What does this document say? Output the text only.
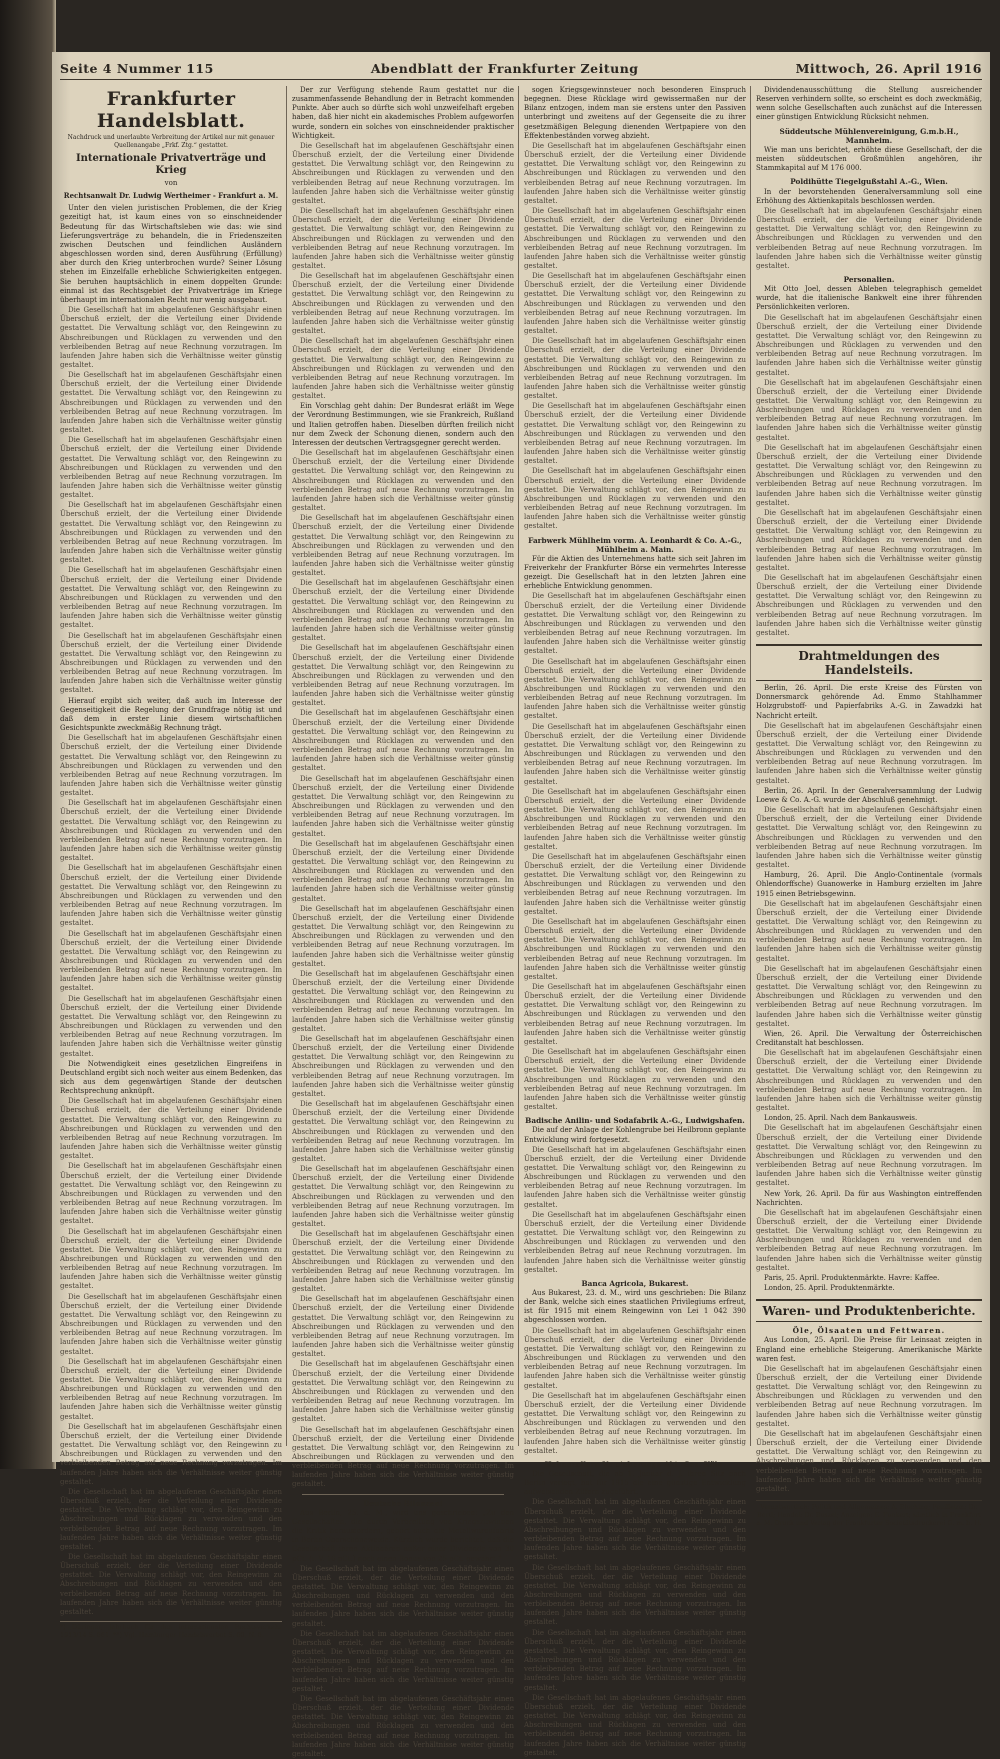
Seite 4 Nummer 115	Abendblatt der Frankfurter Zeitung	Mittwoch, 26. April 1916
Frankfurter Handelsblatt.
Nachdruck und unerlaubte Verbreitung der Artikel nur mit genauer Quellenangabe „Frkf. Ztg.“ gestattet.
Internationale Privatverträge und Krieg
von
Rechtsanwalt Dr. Ludwig Wertheimer - Frankfurt a. M.

Unter den vielen juristischen Problemen, die der Krieg gezeitigt hat, ist kaum eines von so einschneidender Bedeutung für das Wirtschaftsleben wie das: wie sind Lieferungsverträge zu behandeln, die in Friedenszeiten zwischen Deutschen und feindlichen Ausländern abgeschlossen worden sind, deren Ausführung (Erfüllung) aber durch den Krieg unterbrochen wurde? Seiner Lösung stehen im Einzelfalle erhebliche Schwierigkeiten entgegen. Sie beruhen hauptsächlich in einem doppelten Grunde: einmal ist das Rechtsgebiet der Privatverträge im Kriege überhaupt im internationalen Recht nur wenig ausgebaut.

Die Gesellschaft hat im abgelaufenen Geschäftsjahr einen Überschuß erzielt, der die Verteilung einer Dividende gestattet. Die Verwaltung schlägt vor, den Reingewinn zu Abschreibungen und Rücklagen zu verwenden und den verbleibenden Betrag auf neue Rechnung vorzutragen. Im laufenden Jahre haben sich die Verhältnisse weiter günstig gestaltet.

Die Gesellschaft hat im abgelaufenen Geschäftsjahr einen Überschuß erzielt, der die Verteilung einer Dividende gestattet. Die Verwaltung schlägt vor, den Reingewinn zu Abschreibungen und Rücklagen zu verwenden und den verbleibenden Betrag auf neue Rechnung vorzutragen. Im laufenden Jahre haben sich die Verhältnisse weiter günstig gestaltet.

Die Gesellschaft hat im abgelaufenen Geschäftsjahr einen Überschuß erzielt, der die Verteilung einer Dividende gestattet. Die Verwaltung schlägt vor, den Reingewinn zu Abschreibungen und Rücklagen zu verwenden und den verbleibenden Betrag auf neue Rechnung vorzutragen. Im laufenden Jahre haben sich die Verhältnisse weiter günstig gestaltet.

Die Gesellschaft hat im abgelaufenen Geschäftsjahr einen Überschuß erzielt, der die Verteilung einer Dividende gestattet. Die Verwaltung schlägt vor, den Reingewinn zu Abschreibungen und Rücklagen zu verwenden und den verbleibenden Betrag auf neue Rechnung vorzutragen. Im laufenden Jahre haben sich die Verhältnisse weiter günstig gestaltet.

Die Gesellschaft hat im abgelaufenen Geschäftsjahr einen Überschuß erzielt, der die Verteilung einer Dividende gestattet. Die Verwaltung schlägt vor, den Reingewinn zu Abschreibungen und Rücklagen zu verwenden und den verbleibenden Betrag auf neue Rechnung vorzutragen. Im laufenden Jahre haben sich die Verhältnisse weiter günstig gestaltet.

Die Gesellschaft hat im abgelaufenen Geschäftsjahr einen Überschuß erzielt, der die Verteilung einer Dividende gestattet. Die Verwaltung schlägt vor, den Reingewinn zu Abschreibungen und Rücklagen zu verwenden und den verbleibenden Betrag auf neue Rechnung vorzutragen. Im laufenden Jahre haben sich die Verhältnisse weiter günstig gestaltet.

Hierauf ergibt sich weiter, daß auch im Interesse der Gegenseitigkeit die Regelung der Grundfrage nötig ist und daß dem in erster Linie diesem wirtschaftlichen Gesichtspunkte zweckmäßig Rechnung trägt.

Die Gesellschaft hat im abgelaufenen Geschäftsjahr einen Überschuß erzielt, der die Verteilung einer Dividende gestattet. Die Verwaltung schlägt vor, den Reingewinn zu Abschreibungen und Rücklagen zu verwenden und den verbleibenden Betrag auf neue Rechnung vorzutragen. Im laufenden Jahre haben sich die Verhältnisse weiter günstig gestaltet.

Die Gesellschaft hat im abgelaufenen Geschäftsjahr einen Überschuß erzielt, der die Verteilung einer Dividende gestattet. Die Verwaltung schlägt vor, den Reingewinn zu Abschreibungen und Rücklagen zu verwenden und den verbleibenden Betrag auf neue Rechnung vorzutragen. Im laufenden Jahre haben sich die Verhältnisse weiter günstig gestaltet.

Die Gesellschaft hat im abgelaufenen Geschäftsjahr einen Überschuß erzielt, der die Verteilung einer Dividende gestattet. Die Verwaltung schlägt vor, den Reingewinn zu Abschreibungen und Rücklagen zu verwenden und den verbleibenden Betrag auf neue Rechnung vorzutragen. Im laufenden Jahre haben sich die Verhältnisse weiter günstig gestaltet.

Die Gesellschaft hat im abgelaufenen Geschäftsjahr einen Überschuß erzielt, der die Verteilung einer Dividende gestattet. Die Verwaltung schlägt vor, den Reingewinn zu Abschreibungen und Rücklagen zu verwenden und den verbleibenden Betrag auf neue Rechnung vorzutragen. Im laufenden Jahre haben sich die Verhältnisse weiter günstig gestaltet.

Die Gesellschaft hat im abgelaufenen Geschäftsjahr einen Überschuß erzielt, der die Verteilung einer Dividende gestattet. Die Verwaltung schlägt vor, den Reingewinn zu Abschreibungen und Rücklagen zu verwenden und den verbleibenden Betrag auf neue Rechnung vorzutragen. Im laufenden Jahre haben sich die Verhältnisse weiter günstig gestaltet.

Die Notwendigkeit eines gesetzlichen Eingreifens in Deutschland ergibt sich noch weiter aus einem Bedenken, das sich aus dem gegenwärtigen Stande der deutschen Rechtsprechung anknüpft.

Die Gesellschaft hat im abgelaufenen Geschäftsjahr einen Überschuß erzielt, der die Verteilung einer Dividende gestattet. Die Verwaltung schlägt vor, den Reingewinn zu Abschreibungen und Rücklagen zu verwenden und den verbleibenden Betrag auf neue Rechnung vorzutragen. Im laufenden Jahre haben sich die Verhältnisse weiter günstig gestaltet.

Die Gesellschaft hat im abgelaufenen Geschäftsjahr einen Überschuß erzielt, der die Verteilung einer Dividende gestattet. Die Verwaltung schlägt vor, den Reingewinn zu Abschreibungen und Rücklagen zu verwenden und den verbleibenden Betrag auf neue Rechnung vorzutragen. Im laufenden Jahre haben sich die Verhältnisse weiter günstig gestaltet.

Die Gesellschaft hat im abgelaufenen Geschäftsjahr einen Überschuß erzielt, der die Verteilung einer Dividende gestattet. Die Verwaltung schlägt vor, den Reingewinn zu Abschreibungen und Rücklagen zu verwenden und den verbleibenden Betrag auf neue Rechnung vorzutragen. Im laufenden Jahre haben sich die Verhältnisse weiter günstig gestaltet.

Die Gesellschaft hat im abgelaufenen Geschäftsjahr einen Überschuß erzielt, der die Verteilung einer Dividende gestattet. Die Verwaltung schlägt vor, den Reingewinn zu Abschreibungen und Rücklagen zu verwenden und den verbleibenden Betrag auf neue Rechnung vorzutragen. Im laufenden Jahre haben sich die Verhältnisse weiter günstig gestaltet.

Die Gesellschaft hat im abgelaufenen Geschäftsjahr einen Überschuß erzielt, der die Verteilung einer Dividende gestattet. Die Verwaltung schlägt vor, den Reingewinn zu Abschreibungen und Rücklagen zu verwenden und den verbleibenden Betrag auf neue Rechnung vorzutragen. Im laufenden Jahre haben sich die Verhältnisse weiter günstig gestaltet.

Die Gesellschaft hat im abgelaufenen Geschäftsjahr einen Überschuß erzielt, der die Verteilung einer Dividende gestattet. Die Verwaltung schlägt vor, den Reingewinn zu Abschreibungen und Rücklagen zu verwenden und den verbleibenden Betrag auf neue Rechnung vorzutragen. Im laufenden Jahre haben sich die Verhältnisse weiter günstig gestaltet.

Die Gesellschaft hat im abgelaufenen Geschäftsjahr einen Überschuß erzielt, der die Verteilung einer Dividende gestattet. Die Verwaltung schlägt vor, den Reingewinn zu Abschreibungen und Rücklagen zu verwenden und den verbleibenden Betrag auf neue Rechnung vorzutragen. Im laufenden Jahre haben sich die Verhältnisse weiter günstig gestaltet.

Die Gesellschaft hat im abgelaufenen Geschäftsjahr einen Überschuß erzielt, der die Verteilung einer Dividende gestattet. Die Verwaltung schlägt vor, den Reingewinn zu Abschreibungen und Rücklagen zu verwenden und den verbleibenden Betrag auf neue Rechnung vorzutragen. Im laufenden Jahre haben sich die Verhältnisse weiter günstig gestaltet.

*) Düringer, Jahrbuch für den internationalen Rechtsverkehr 1913/14 S. 661. **) Vgl. Hamburger Handelsverbot S. 60, N. 6.

Der zur Verfügung stehende Raum gestattet nur die zusammenfassende Behandlung der in Betracht kommenden Punkte. Aber auch so dürfte sich wohl unzweifelhaft ergeben haben, daß hier nicht ein akademisches Problem aufgeworfen wurde, sondern ein solches von einschneidender praktischer Wichtigkeit.

Die Gesellschaft hat im abgelaufenen Geschäftsjahr einen Überschuß erzielt, der die Verteilung einer Dividende gestattet. Die Verwaltung schlägt vor, den Reingewinn zu Abschreibungen und Rücklagen zu verwenden und den verbleibenden Betrag auf neue Rechnung vorzutragen. Im laufenden Jahre haben sich die Verhältnisse weiter günstig gestaltet.

Die Gesellschaft hat im abgelaufenen Geschäftsjahr einen Überschuß erzielt, der die Verteilung einer Dividende gestattet. Die Verwaltung schlägt vor, den Reingewinn zu Abschreibungen und Rücklagen zu verwenden und den verbleibenden Betrag auf neue Rechnung vorzutragen. Im laufenden Jahre haben sich die Verhältnisse weiter günstig gestaltet.

Die Gesellschaft hat im abgelaufenen Geschäftsjahr einen Überschuß erzielt, der die Verteilung einer Dividende gestattet. Die Verwaltung schlägt vor, den Reingewinn zu Abschreibungen und Rücklagen zu verwenden und den verbleibenden Betrag auf neue Rechnung vorzutragen. Im laufenden Jahre haben sich die Verhältnisse weiter günstig gestaltet.

Die Gesellschaft hat im abgelaufenen Geschäftsjahr einen Überschuß erzielt, der die Verteilung einer Dividende gestattet. Die Verwaltung schlägt vor, den Reingewinn zu Abschreibungen und Rücklagen zu verwenden und den verbleibenden Betrag auf neue Rechnung vorzutragen. Im laufenden Jahre haben sich die Verhältnisse weiter günstig gestaltet.

Ein Vorschlag geht dahin: Der Bundesrat erläßt im Wege der Verordnung Bestimmungen, wie sie Frankreich, Rußland und Italien getroffen haben. Dieselben dürften freilich nicht nur dem Zweck der Schonung dienen, sondern auch den Interessen der deutschen Vertragsgegner gerecht werden.

Die Gesellschaft hat im abgelaufenen Geschäftsjahr einen Überschuß erzielt, der die Verteilung einer Dividende gestattet. Die Verwaltung schlägt vor, den Reingewinn zu Abschreibungen und Rücklagen zu verwenden und den verbleibenden Betrag auf neue Rechnung vorzutragen. Im laufenden Jahre haben sich die Verhältnisse weiter günstig gestaltet.

Die Gesellschaft hat im abgelaufenen Geschäftsjahr einen Überschuß erzielt, der die Verteilung einer Dividende gestattet. Die Verwaltung schlägt vor, den Reingewinn zu Abschreibungen und Rücklagen zu verwenden und den verbleibenden Betrag auf neue Rechnung vorzutragen. Im laufenden Jahre haben sich die Verhältnisse weiter günstig gestaltet.

Die Gesellschaft hat im abgelaufenen Geschäftsjahr einen Überschuß erzielt, der die Verteilung einer Dividende gestattet. Die Verwaltung schlägt vor, den Reingewinn zu Abschreibungen und Rücklagen zu verwenden und den verbleibenden Betrag auf neue Rechnung vorzutragen. Im laufenden Jahre haben sich die Verhältnisse weiter günstig gestaltet.

Die Gesellschaft hat im abgelaufenen Geschäftsjahr einen Überschuß erzielt, der die Verteilung einer Dividende gestattet. Die Verwaltung schlägt vor, den Reingewinn zu Abschreibungen und Rücklagen zu verwenden und den verbleibenden Betrag auf neue Rechnung vorzutragen. Im laufenden Jahre haben sich die Verhältnisse weiter günstig gestaltet.

Die Gesellschaft hat im abgelaufenen Geschäftsjahr einen Überschuß erzielt, der die Verteilung einer Dividende gestattet. Die Verwaltung schlägt vor, den Reingewinn zu Abschreibungen und Rücklagen zu verwenden und den verbleibenden Betrag auf neue Rechnung vorzutragen. Im laufenden Jahre haben sich die Verhältnisse weiter günstig gestaltet.

Die Gesellschaft hat im abgelaufenen Geschäftsjahr einen Überschuß erzielt, der die Verteilung einer Dividende gestattet. Die Verwaltung schlägt vor, den Reingewinn zu Abschreibungen und Rücklagen zu verwenden und den verbleibenden Betrag auf neue Rechnung vorzutragen. Im laufenden Jahre haben sich die Verhältnisse weiter günstig gestaltet.

Die Gesellschaft hat im abgelaufenen Geschäftsjahr einen Überschuß erzielt, der die Verteilung einer Dividende gestattet. Die Verwaltung schlägt vor, den Reingewinn zu Abschreibungen und Rücklagen zu verwenden und den verbleibenden Betrag auf neue Rechnung vorzutragen. Im laufenden Jahre haben sich die Verhältnisse weiter günstig gestaltet.

Die Gesellschaft hat im abgelaufenen Geschäftsjahr einen Überschuß erzielt, der die Verteilung einer Dividende gestattet. Die Verwaltung schlägt vor, den Reingewinn zu Abschreibungen und Rücklagen zu verwenden und den verbleibenden Betrag auf neue Rechnung vorzutragen. Im laufenden Jahre haben sich die Verhältnisse weiter günstig gestaltet.

Die Gesellschaft hat im abgelaufenen Geschäftsjahr einen Überschuß erzielt, der die Verteilung einer Dividende gestattet. Die Verwaltung schlägt vor, den Reingewinn zu Abschreibungen und Rücklagen zu verwenden und den verbleibenden Betrag auf neue Rechnung vorzutragen. Im laufenden Jahre haben sich die Verhältnisse weiter günstig gestaltet.

Die Gesellschaft hat im abgelaufenen Geschäftsjahr einen Überschuß erzielt, der die Verteilung einer Dividende gestattet. Die Verwaltung schlägt vor, den Reingewinn zu Abschreibungen und Rücklagen zu verwenden und den verbleibenden Betrag auf neue Rechnung vorzutragen. Im laufenden Jahre haben sich die Verhältnisse weiter günstig gestaltet.

Die Gesellschaft hat im abgelaufenen Geschäftsjahr einen Überschuß erzielt, der die Verteilung einer Dividende gestattet. Die Verwaltung schlägt vor, den Reingewinn zu Abschreibungen und Rücklagen zu verwenden und den verbleibenden Betrag auf neue Rechnung vorzutragen. Im laufenden Jahre haben sich die Verhältnisse weiter günstig gestaltet.

Die Gesellschaft hat im abgelaufenen Geschäftsjahr einen Überschuß erzielt, der die Verteilung einer Dividende gestattet. Die Verwaltung schlägt vor, den Reingewinn zu Abschreibungen und Rücklagen zu verwenden und den verbleibenden Betrag auf neue Rechnung vorzutragen. Im laufenden Jahre haben sich die Verhältnisse weiter günstig gestaltet.

Die Gesellschaft hat im abgelaufenen Geschäftsjahr einen Überschuß erzielt, der die Verteilung einer Dividende gestattet. Die Verwaltung schlägt vor, den Reingewinn zu Abschreibungen und Rücklagen zu verwenden und den verbleibenden Betrag auf neue Rechnung vorzutragen. Im laufenden Jahre haben sich die Verhältnisse weiter günstig gestaltet.

Die Gesellschaft hat im abgelaufenen Geschäftsjahr einen Überschuß erzielt, der die Verteilung einer Dividende gestattet. Die Verwaltung schlägt vor, den Reingewinn zu Abschreibungen und Rücklagen zu verwenden und den verbleibenden Betrag auf neue Rechnung vorzutragen. Im laufenden Jahre haben sich die Verhältnisse weiter günstig gestaltet.

Die Gesellschaft hat im abgelaufenen Geschäftsjahr einen Überschuß erzielt, der die Verteilung einer Dividende gestattet. Die Verwaltung schlägt vor, den Reingewinn zu Abschreibungen und Rücklagen zu verwenden und den verbleibenden Betrag auf neue Rechnung vorzutragen. Im laufenden Jahre haben sich die Verhältnisse weiter günstig gestaltet.

Die Gesellschaft hat im abgelaufenen Geschäftsjahr einen Überschuß erzielt, der die Verteilung einer Dividende gestattet. Die Verwaltung schlägt vor, den Reingewinn zu Abschreibungen und Rücklagen zu verwenden und den verbleibenden Betrag auf neue Rechnung vorzutragen. Im laufenden Jahre haben sich die Verhältnisse weiter günstig gestaltet.

Deutsche Bilanzen!

Aus Berlin, 25. d. M., wird uns geschrieben: „Zu den Gesellschaften, die durch Verbreitung von Kriegszuwinnen die Kritik herausfordern, gehört auch die Metallwarenfabrik in Berlin-Oberschöneweide. Kürzlich wurde berichtet, daß die Gesellschaft ihren Aktionären außer einer Dividende von 30 pCt. (i. V. 16 pCt.) noch einen Bonus von 25 pCt. gewährt.“

Die Gesellschaft hat im abgelaufenen Geschäftsjahr einen Überschuß erzielt, der die Verteilung einer Dividende gestattet. Die Verwaltung schlägt vor, den Reingewinn zu Abschreibungen und Rücklagen zu verwenden und den verbleibenden Betrag auf neue Rechnung vorzutragen. Im laufenden Jahre haben sich die Verhältnisse weiter günstig gestaltet.

Die Gesellschaft hat im abgelaufenen Geschäftsjahr einen Überschuß erzielt, der die Verteilung einer Dividende gestattet. Die Verwaltung schlägt vor, den Reingewinn zu Abschreibungen und Rücklagen zu verwenden und den verbleibenden Betrag auf neue Rechnung vorzutragen. Im laufenden Jahre haben sich die Verhältnisse weiter günstig gestaltet.

Die Gesellschaft hat im abgelaufenen Geschäftsjahr einen Überschuß erzielt, der die Verteilung einer Dividende gestattet. Die Verwaltung schlägt vor, den Reingewinn zu Abschreibungen und Rücklagen zu verwenden und den verbleibenden Betrag auf neue Rechnung vorzutragen. Im laufenden Jahre haben sich die Verhältnisse weiter günstig gestaltet.

sogen Kriegsgewinnsteuer noch besonderen Einspruch begegnen. Diese Rücklage wird gewissermaßen nur der Bilanz entzogen, indem man sie erstens unter den Passiven unterbringt und zweitens auf der Gegenseite die zu ihrer gesetzmäßigen Belegung dienenden Wertpapiere von den Effektenbeständen vorweg abzieht.

Die Gesellschaft hat im abgelaufenen Geschäftsjahr einen Überschuß erzielt, der die Verteilung einer Dividende gestattet. Die Verwaltung schlägt vor, den Reingewinn zu Abschreibungen und Rücklagen zu verwenden und den verbleibenden Betrag auf neue Rechnung vorzutragen. Im laufenden Jahre haben sich die Verhältnisse weiter günstig gestaltet.

Die Gesellschaft hat im abgelaufenen Geschäftsjahr einen Überschuß erzielt, der die Verteilung einer Dividende gestattet. Die Verwaltung schlägt vor, den Reingewinn zu Abschreibungen und Rücklagen zu verwenden und den verbleibenden Betrag auf neue Rechnung vorzutragen. Im laufenden Jahre haben sich die Verhältnisse weiter günstig gestaltet.

Die Gesellschaft hat im abgelaufenen Geschäftsjahr einen Überschuß erzielt, der die Verteilung einer Dividende gestattet. Die Verwaltung schlägt vor, den Reingewinn zu Abschreibungen und Rücklagen zu verwenden und den verbleibenden Betrag auf neue Rechnung vorzutragen. Im laufenden Jahre haben sich die Verhältnisse weiter günstig gestaltet.

Die Gesellschaft hat im abgelaufenen Geschäftsjahr einen Überschuß erzielt, der die Verteilung einer Dividende gestattet. Die Verwaltung schlägt vor, den Reingewinn zu Abschreibungen und Rücklagen zu verwenden und den verbleibenden Betrag auf neue Rechnung vorzutragen. Im laufenden Jahre haben sich die Verhältnisse weiter günstig gestaltet.

Die Gesellschaft hat im abgelaufenen Geschäftsjahr einen Überschuß erzielt, der die Verteilung einer Dividende gestattet. Die Verwaltung schlägt vor, den Reingewinn zu Abschreibungen und Rücklagen zu verwenden und den verbleibenden Betrag auf neue Rechnung vorzutragen. Im laufenden Jahre haben sich die Verhältnisse weiter günstig gestaltet.

Die Gesellschaft hat im abgelaufenen Geschäftsjahr einen Überschuß erzielt, der die Verteilung einer Dividende gestattet. Die Verwaltung schlägt vor, den Reingewinn zu Abschreibungen und Rücklagen zu verwenden und den verbleibenden Betrag auf neue Rechnung vorzutragen. Im laufenden Jahre haben sich die Verhältnisse weiter günstig gestaltet.

Farbwerk Mühlheim vorm. A. Leonhardt & Co. A.-G., Mühlheim a. Main.

Für die Aktien des Unternehmens hatte sich seit Jahren im Freiverkehr der Frankfurter Börse ein vermehrtes Interesse gezeigt. Die Gesellschaft hat in den letzten Jahren eine erhebliche Entwicklung genommen.

Die Gesellschaft hat im abgelaufenen Geschäftsjahr einen Überschuß erzielt, der die Verteilung einer Dividende gestattet. Die Verwaltung schlägt vor, den Reingewinn zu Abschreibungen und Rücklagen zu verwenden und den verbleibenden Betrag auf neue Rechnung vorzutragen. Im laufenden Jahre haben sich die Verhältnisse weiter günstig gestaltet.

Die Gesellschaft hat im abgelaufenen Geschäftsjahr einen Überschuß erzielt, der die Verteilung einer Dividende gestattet. Die Verwaltung schlägt vor, den Reingewinn zu Abschreibungen und Rücklagen zu verwenden und den verbleibenden Betrag auf neue Rechnung vorzutragen. Im laufenden Jahre haben sich die Verhältnisse weiter günstig gestaltet.

Die Gesellschaft hat im abgelaufenen Geschäftsjahr einen Überschuß erzielt, der die Verteilung einer Dividende gestattet. Die Verwaltung schlägt vor, den Reingewinn zu Abschreibungen und Rücklagen zu verwenden und den verbleibenden Betrag auf neue Rechnung vorzutragen. Im laufenden Jahre haben sich die Verhältnisse weiter günstig gestaltet.

Die Gesellschaft hat im abgelaufenen Geschäftsjahr einen Überschuß erzielt, der die Verteilung einer Dividende gestattet. Die Verwaltung schlägt vor, den Reingewinn zu Abschreibungen und Rücklagen zu verwenden und den verbleibenden Betrag auf neue Rechnung vorzutragen. Im laufenden Jahre haben sich die Verhältnisse weiter günstig gestaltet.

Die Gesellschaft hat im abgelaufenen Geschäftsjahr einen Überschuß erzielt, der die Verteilung einer Dividende gestattet. Die Verwaltung schlägt vor, den Reingewinn zu Abschreibungen und Rücklagen zu verwenden und den verbleibenden Betrag auf neue Rechnung vorzutragen. Im laufenden Jahre haben sich die Verhältnisse weiter günstig gestaltet.

Die Gesellschaft hat im abgelaufenen Geschäftsjahr einen Überschuß erzielt, der die Verteilung einer Dividende gestattet. Die Verwaltung schlägt vor, den Reingewinn zu Abschreibungen und Rücklagen zu verwenden und den verbleibenden Betrag auf neue Rechnung vorzutragen. Im laufenden Jahre haben sich die Verhältnisse weiter günstig gestaltet.

Die Gesellschaft hat im abgelaufenen Geschäftsjahr einen Überschuß erzielt, der die Verteilung einer Dividende gestattet. Die Verwaltung schlägt vor, den Reingewinn zu Abschreibungen und Rücklagen zu verwenden und den verbleibenden Betrag auf neue Rechnung vorzutragen. Im laufenden Jahre haben sich die Verhältnisse weiter günstig gestaltet.

Die Gesellschaft hat im abgelaufenen Geschäftsjahr einen Überschuß erzielt, der die Verteilung einer Dividende gestattet. Die Verwaltung schlägt vor, den Reingewinn zu Abschreibungen und Rücklagen zu verwenden und den verbleibenden Betrag auf neue Rechnung vorzutragen. Im laufenden Jahre haben sich die Verhältnisse weiter günstig gestaltet.

Badische Anilin- und Sodafabrik A.-G., Ludwigshafen.

Die auf der Anlage der Kohlengrube bei Heilbronn geplante Entwicklung wird fortgesetzt.

Die Gesellschaft hat im abgelaufenen Geschäftsjahr einen Überschuß erzielt, der die Verteilung einer Dividende gestattet. Die Verwaltung schlägt vor, den Reingewinn zu Abschreibungen und Rücklagen zu verwenden und den verbleibenden Betrag auf neue Rechnung vorzutragen. Im laufenden Jahre haben sich die Verhältnisse weiter günstig gestaltet.

Die Gesellschaft hat im abgelaufenen Geschäftsjahr einen Überschuß erzielt, der die Verteilung einer Dividende gestattet. Die Verwaltung schlägt vor, den Reingewinn zu Abschreibungen und Rücklagen zu verwenden und den verbleibenden Betrag auf neue Rechnung vorzutragen. Im laufenden Jahre haben sich die Verhältnisse weiter günstig gestaltet.

Banca Agricola, Bukarest.

Aus Bukarest, 23. d. M., wird uns geschrieben: Die Bilanz der Bank, welche sich eines staatlichen Privilegiums erfreut, ist für 1915 mit einem Reingewinn von Lei 1 042 390 abgeschlossen worden.

Die Gesellschaft hat im abgelaufenen Geschäftsjahr einen Überschuß erzielt, der die Verteilung einer Dividende gestattet. Die Verwaltung schlägt vor, den Reingewinn zu Abschreibungen und Rücklagen zu verwenden und den verbleibenden Betrag auf neue Rechnung vorzutragen. Im laufenden Jahre haben sich die Verhältnisse weiter günstig gestaltet.

Die Gesellschaft hat im abgelaufenen Geschäftsjahr einen Überschuß erzielt, der die Verteilung einer Dividende gestattet. Die Verwaltung schlägt vor, den Reingewinn zu Abschreibungen und Rücklagen zu verwenden und den verbleibenden Betrag auf neue Rechnung vorzutragen. Im laufenden Jahre haben sich die Verhältnisse weiter günstig gestaltet.

Hohenzollern Versicherungs-Akt.-Ges. Köln.

Die Gesellschaft, die ab 1. Januar d. J. ihren Sitz nach Berlin verlegt, hat für 1915 die eine günstige Entwicklung aufweisenden Ziffern zugeführt.

Die Gesellschaft hat im abgelaufenen Geschäftsjahr einen Überschuß erzielt, der die Verteilung einer Dividende gestattet. Die Verwaltung schlägt vor, den Reingewinn zu Abschreibungen und Rücklagen zu verwenden und den verbleibenden Betrag auf neue Rechnung vorzutragen. Im laufenden Jahre haben sich die Verhältnisse weiter günstig gestaltet.

Die Gesellschaft hat im abgelaufenen Geschäftsjahr einen Überschuß erzielt, der die Verteilung einer Dividende gestattet. Die Verwaltung schlägt vor, den Reingewinn zu Abschreibungen und Rücklagen zu verwenden und den verbleibenden Betrag auf neue Rechnung vorzutragen. Im laufenden Jahre haben sich die Verhältnisse weiter günstig gestaltet.

Die Gesellschaft hat im abgelaufenen Geschäftsjahr einen Überschuß erzielt, der die Verteilung einer Dividende gestattet. Die Verwaltung schlägt vor, den Reingewinn zu Abschreibungen und Rücklagen zu verwenden und den verbleibenden Betrag auf neue Rechnung vorzutragen. Im laufenden Jahre haben sich die Verhältnisse weiter günstig gestaltet.

Die Gesellschaft hat im abgelaufenen Geschäftsjahr einen Überschuß erzielt, der die Verteilung einer Dividende gestattet. Die Verwaltung schlägt vor, den Reingewinn zu Abschreibungen und Rücklagen zu verwenden und den verbleibenden Betrag auf neue Rechnung vorzutragen. Im laufenden Jahre haben sich die Verhältnisse weiter günstig gestaltet.

Dividendenausschüttung die Stellung ausreichender Reserven verhindern sollte, so erscheint es doch zweckmäßig, wenn solche Gesellschaften auch zunächst auf die Interessen einer günstigen Entwicklung Rücksicht nehmen.

Süddeutsche Mühlenvereinigung, G.m.b.H., Mannheim.

Wie man uns berichtet, erhöhte diese Gesellschaft, der die meisten süddeutschen Großmühlen angehören, ihr Stammkapital auf M 176 000.

Poldihütte Tiegelgußstahl A.-G., Wien.

In der bevorstehenden Generalversammlung soll eine Erhöhung des Aktienkapitals beschlossen werden.

Die Gesellschaft hat im abgelaufenen Geschäftsjahr einen Überschuß erzielt, der die Verteilung einer Dividende gestattet. Die Verwaltung schlägt vor, den Reingewinn zu Abschreibungen und Rücklagen zu verwenden und den verbleibenden Betrag auf neue Rechnung vorzutragen. Im laufenden Jahre haben sich die Verhältnisse weiter günstig gestaltet.

Personalien.

Mit Otto Joel, dessen Ableben telegraphisch gemeldet wurde, hat die italienische Bankwelt eine ihrer führenden Persönlichkeiten verloren.

Die Gesellschaft hat im abgelaufenen Geschäftsjahr einen Überschuß erzielt, der die Verteilung einer Dividende gestattet. Die Verwaltung schlägt vor, den Reingewinn zu Abschreibungen und Rücklagen zu verwenden und den verbleibenden Betrag auf neue Rechnung vorzutragen. Im laufenden Jahre haben sich die Verhältnisse weiter günstig gestaltet.

Die Gesellschaft hat im abgelaufenen Geschäftsjahr einen Überschuß erzielt, der die Verteilung einer Dividende gestattet. Die Verwaltung schlägt vor, den Reingewinn zu Abschreibungen und Rücklagen zu verwenden und den verbleibenden Betrag auf neue Rechnung vorzutragen. Im laufenden Jahre haben sich die Verhältnisse weiter günstig gestaltet.

Die Gesellschaft hat im abgelaufenen Geschäftsjahr einen Überschuß erzielt, der die Verteilung einer Dividende gestattet. Die Verwaltung schlägt vor, den Reingewinn zu Abschreibungen und Rücklagen zu verwenden und den verbleibenden Betrag auf neue Rechnung vorzutragen. Im laufenden Jahre haben sich die Verhältnisse weiter günstig gestaltet.

Die Gesellschaft hat im abgelaufenen Geschäftsjahr einen Überschuß erzielt, der die Verteilung einer Dividende gestattet. Die Verwaltung schlägt vor, den Reingewinn zu Abschreibungen und Rücklagen zu verwenden und den verbleibenden Betrag auf neue Rechnung vorzutragen. Im laufenden Jahre haben sich die Verhältnisse weiter günstig gestaltet.

Die Gesellschaft hat im abgelaufenen Geschäftsjahr einen Überschuß erzielt, der die Verteilung einer Dividende gestattet. Die Verwaltung schlägt vor, den Reingewinn zu Abschreibungen und Rücklagen zu verwenden und den verbleibenden Betrag auf neue Rechnung vorzutragen. Im laufenden Jahre haben sich die Verhältnisse weiter günstig gestaltet.

Drahtmeldungen des Handelsteils.

Berlin, 26. April. Die erste Kreise des Fürsten von Donnersmarck gehörende Ad. Emmo Stahlhammer Holzgrubstoff- und Papierfabriks A.-G. in Zawadzki hat Nachricht erteilt.

Die Gesellschaft hat im abgelaufenen Geschäftsjahr einen Überschuß erzielt, der die Verteilung einer Dividende gestattet. Die Verwaltung schlägt vor, den Reingewinn zu Abschreibungen und Rücklagen zu verwenden und den verbleibenden Betrag auf neue Rechnung vorzutragen. Im laufenden Jahre haben sich die Verhältnisse weiter günstig gestaltet.

Berlin, 26. April. In der Generalversammlung der Ludwig Loewe & Co. A.-G. wurde der Abschluß genehmigt.

Die Gesellschaft hat im abgelaufenen Geschäftsjahr einen Überschuß erzielt, der die Verteilung einer Dividende gestattet. Die Verwaltung schlägt vor, den Reingewinn zu Abschreibungen und Rücklagen zu verwenden und den verbleibenden Betrag auf neue Rechnung vorzutragen. Im laufenden Jahre haben sich die Verhältnisse weiter günstig gestaltet.

Hamburg, 26. April. Die Anglo-Continentale (vormals Ohlendorffsche) Guanowerke in Hamburg erzielten im Jahre 1915 einen Betriebsgewinn.

Die Gesellschaft hat im abgelaufenen Geschäftsjahr einen Überschuß erzielt, der die Verteilung einer Dividende gestattet. Die Verwaltung schlägt vor, den Reingewinn zu Abschreibungen und Rücklagen zu verwenden und den verbleibenden Betrag auf neue Rechnung vorzutragen. Im laufenden Jahre haben sich die Verhältnisse weiter günstig gestaltet.

Die Gesellschaft hat im abgelaufenen Geschäftsjahr einen Überschuß erzielt, der die Verteilung einer Dividende gestattet. Die Verwaltung schlägt vor, den Reingewinn zu Abschreibungen und Rücklagen zu verwenden und den verbleibenden Betrag auf neue Rechnung vorzutragen. Im laufenden Jahre haben sich die Verhältnisse weiter günstig gestaltet.

Wien, 26. April. Die Verwaltung der Österreichischen Creditanstalt hat beschlossen.

Die Gesellschaft hat im abgelaufenen Geschäftsjahr einen Überschuß erzielt, der die Verteilung einer Dividende gestattet. Die Verwaltung schlägt vor, den Reingewinn zu Abschreibungen und Rücklagen zu verwenden und den verbleibenden Betrag auf neue Rechnung vorzutragen. Im laufenden Jahre haben sich die Verhältnisse weiter günstig gestaltet.

London, 25. April. Nach dem Bankausweis.

Die Gesellschaft hat im abgelaufenen Geschäftsjahr einen Überschuß erzielt, der die Verteilung einer Dividende gestattet. Die Verwaltung schlägt vor, den Reingewinn zu Abschreibungen und Rücklagen zu verwenden und den verbleibenden Betrag auf neue Rechnung vorzutragen. Im laufenden Jahre haben sich die Verhältnisse weiter günstig gestaltet.

New York, 26. April. Da für aus Washington eintreffenden Nachrichten.

Die Gesellschaft hat im abgelaufenen Geschäftsjahr einen Überschuß erzielt, der die Verteilung einer Dividende gestattet. Die Verwaltung schlägt vor, den Reingewinn zu Abschreibungen und Rücklagen zu verwenden und den verbleibenden Betrag auf neue Rechnung vorzutragen. Im laufenden Jahre haben sich die Verhältnisse weiter günstig gestaltet.

Paris, 25. April. Produktenmärkte. Havre: Kaffee.

London, 25. April. Produktenmärkte.

Waren- und Produktenberichte.
Öle, Ölsaaten und Fettwaren.

Aus London, 25. April. Die Preise für Leinsaat zeigten in England eine erhebliche Steigerung. Amerikanische Märkte waren fest.

Die Gesellschaft hat im abgelaufenen Geschäftsjahr einen Überschuß erzielt, der die Verteilung einer Dividende gestattet. Die Verwaltung schlägt vor, den Reingewinn zu Abschreibungen und Rücklagen zu verwenden und den verbleibenden Betrag auf neue Rechnung vorzutragen. Im laufenden Jahre haben sich die Verhältnisse weiter günstig gestaltet.

Die Gesellschaft hat im abgelaufenen Geschäftsjahr einen Überschuß erzielt, der die Verteilung einer Dividende gestattet. Die Verwaltung schlägt vor, den Reingewinn zu Abschreibungen und Rücklagen zu verwenden und den verbleibenden Betrag auf neue Rechnung vorzutragen. Im laufenden Jahre haben sich die Verhältnisse weiter günstig gestaltet.

Verantwortlich: Politik und Allgemeines: A. Bluching; Feuilleton: Dr. Bertl; Handel: Dr. Buszel; Anzeigen: E. Funkert; sämtlich in Frankfurt a. M. Druck und Verlag der Frankfurter Societätsdruckerei G. m. b. H.
